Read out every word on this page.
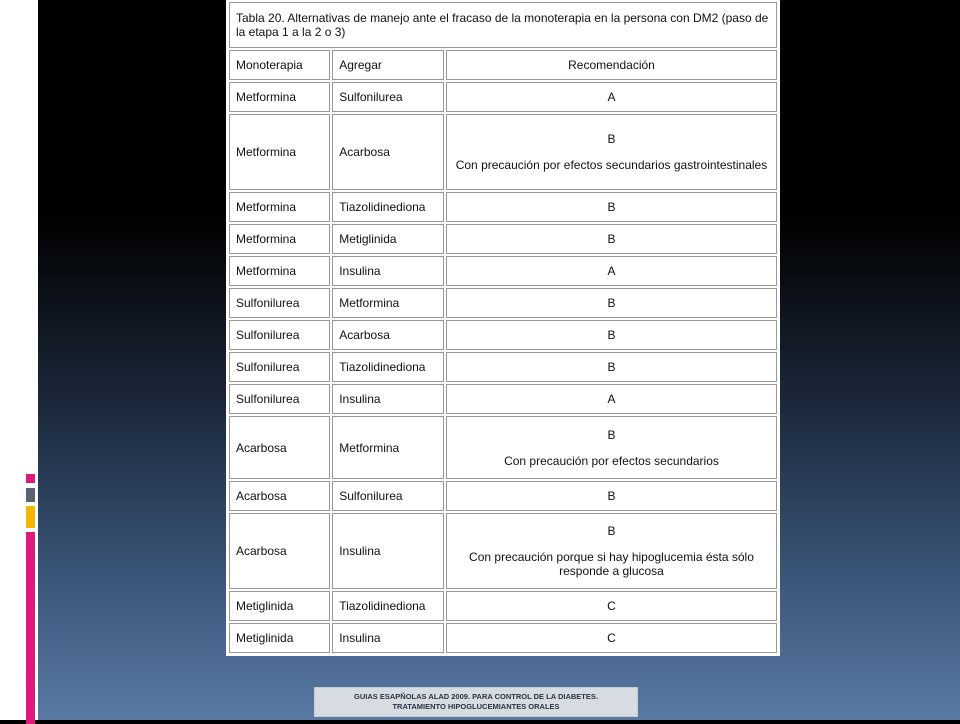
Tabla 20. Alternativas de manejo ante el fracaso de la monoterapia en la persona con DM2 (paso de la etapa 1 a la 2 o 3)		
Monoterapia	Agregar	Recomendación
Metformina	Sulfonilurea	A
Metformina	Acarbosa	B
Con precaución por efectos secundarios gastrointestinales

Metformina	Tiazolidinediona	B
Metformina	Metiglinida	B
Metformina	Insulina	A
Sulfonilurea	Metformina	B
Sulfonilurea	Acarbosa	B
Sulfonilurea	Tiazolidinediona	B
Sulfonilurea	Insulina	A
Acarbosa	Metformina	B
Con precaución por efectos secundarios

Acarbosa	Sulfonilurea	B
Acarbosa	Insulina	B
Con precaución porque si hay hipoglucemia ésta sólo responde a glucosa

Metiglinida	Tiazolidinediona	C
Metiglinida	Insulina	C
GUIAS ESAPÑOLAS ALAD 2009. PARA CONTROL DE LA DIABETES.
TRATAMIENTO HIPOGLUCEMIANTES ORALES
